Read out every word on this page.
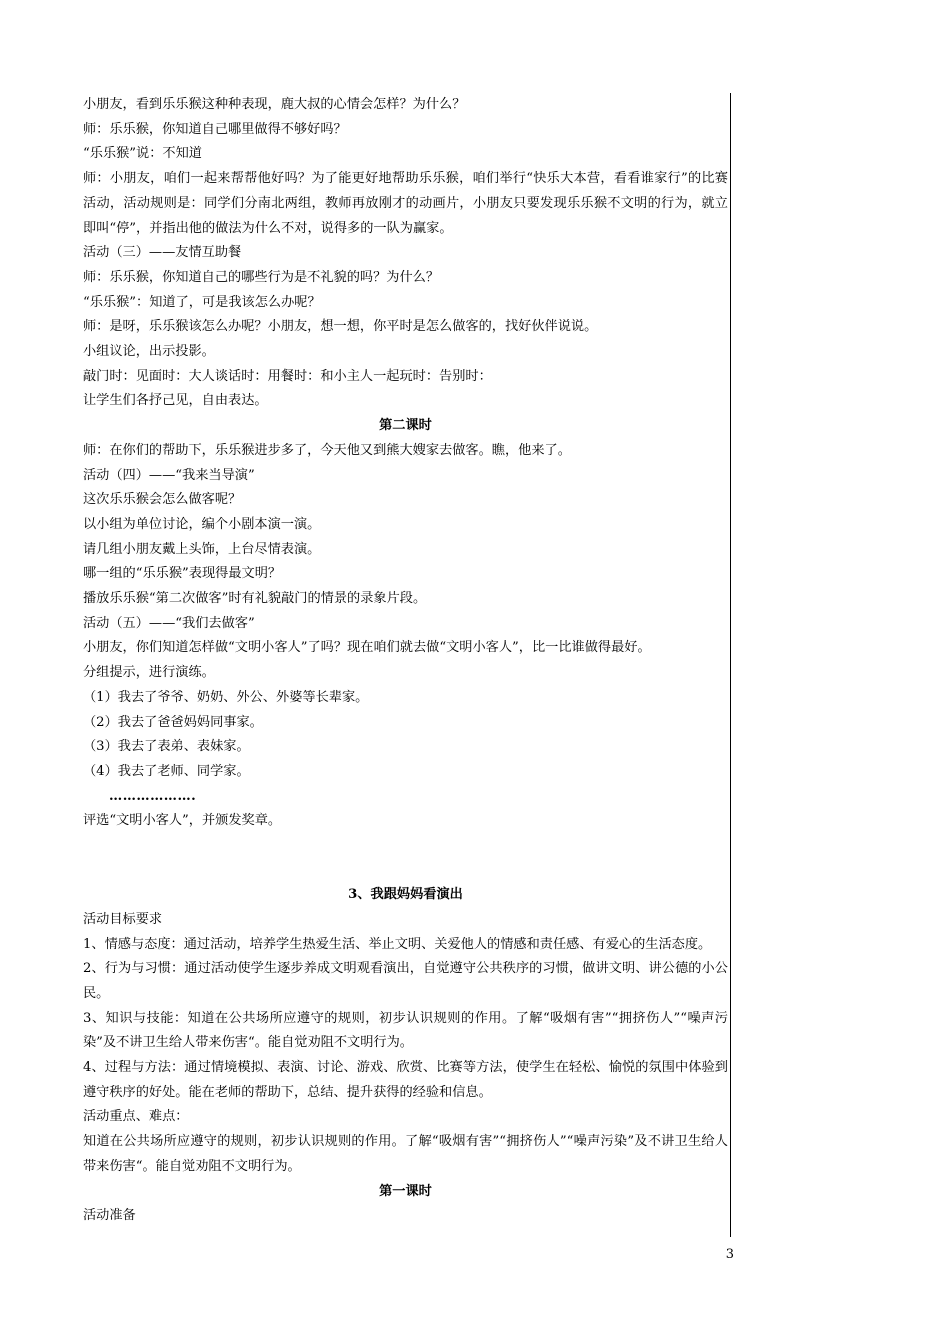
小朋友，看到乐乐猴这种种表现，鹿大叔的心情会怎样？为什么？

师：乐乐猴，你知道自己哪里做得不够好吗？

“乐乐猴”说：不知道

师：小朋友，咱们一起来帮帮他好吗？为了能更好地帮助乐乐猴，咱们举行“快乐大本营，看看谁家行”的比赛活动，活动规则是：同学们分南北两组，教师再放刚才的动画片，小朋友只要发现乐乐猴不文明的行为，就立即叫“停”，并指出他的做法为什么不对，说得多的一队为赢家。

活动（三）——友情互助餐

师：乐乐猴，你知道自己的哪些行为是不礼貌的吗？为什么？

“乐乐猴”：知道了，可是我该怎么办呢？

师：是呀，乐乐猴该怎么办呢？小朋友，想一想，你平时是怎么做客的，找好伙伴说说。

小组议论，出示投影。

敲门时：见面时：大人谈话时：用餐时：和小主人一起玩时：告别时：

让学生们各抒己见，自由表达。

第二课时

师：在你们的帮助下，乐乐猴进步多了，今天他又到熊大嫂家去做客。瞧，他来了。

活动（四）——“我来当导演”

这次乐乐猴会怎么做客呢？

以小组为单位讨论，编个小剧本演一演。

请几组小朋友戴上头饰，上台尽情表演。

哪一组的“乐乐猴”表现得最文明？

播放乐乐猴“第二次做客”时有礼貌敲门的情景的录象片段。

活动（五）——“我们去做客”

小朋友，你们知道怎样做“文明小客人”了吗？现在咱们就去做“文明小客人”，比一比谁做得最好。

分组提示，进行演练。

（1）我去了爷爷、奶奶、外公、外婆等长辈家。

（2）我去了爸爸妈妈同事家。

（3）我去了表弟、表妹家。

（4）我去了老师、同学家。

……………….

评选“文明小客人”，并颁发奖章。

3、我跟妈妈看演出

活动目标要求

1、情感与态度：通过活动，培养学生热爱生活、举止文明、关爱他人的情感和责任感、有爱心的生活态度。

2、行为与习惯：通过活动使学生逐步养成文明观看演出，自觉遵守公共秩序的习惯，做讲文明、讲公德的小公民。

3、知识与技能：知道在公共场所应遵守的规则，初步认识规则的作用。了解“吸烟有害”“拥挤伤人”“噪声污染”及不讲卫生给人带来伤害“。能自觉劝阻不文明行为。

4、过程与方法：通过情境模拟、表演、讨论、游戏、欣赏、比赛等方法，使学生在轻松、愉悦的氛围中体验到遵守秩序的好处。能在老师的帮助下，总结、提升获得的经验和信息。

活动重点、难点：

知道在公共场所应遵守的规则，初步认识规则的作用。了解“吸烟有害”“拥挤伤人”“噪声污染”及不讲卫生给人带来伤害“。能自觉劝阻不文明行为。

第一课时

活动准备

3
